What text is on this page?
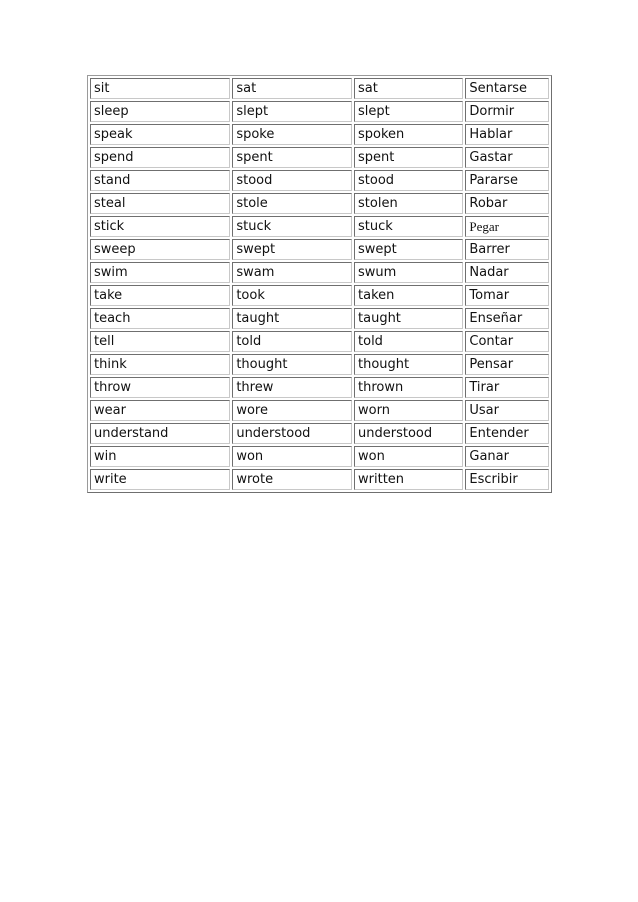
sit	sat	sat	Sentarse
sleep	slept	slept	Dormir
speak	spoke	spoken	Hablar
spend	spent	spent	Gastar
stand	stood	stood	Pararse
steal	stole	stolen	Robar
stick	stuck	stuck	Pegar
sweep	swept	swept	Barrer
swim	swam	swum	Nadar
take	took	taken	Tomar
teach	taught	taught	Enseñar
tell	told	told	Contar
think	thought	thought	Pensar
throw	threw	thrown	Tirar
wear	wore	worn	Usar
understand	understood	understood	Entender
win	won	won	Ganar
write	wrote	written	Escribir
